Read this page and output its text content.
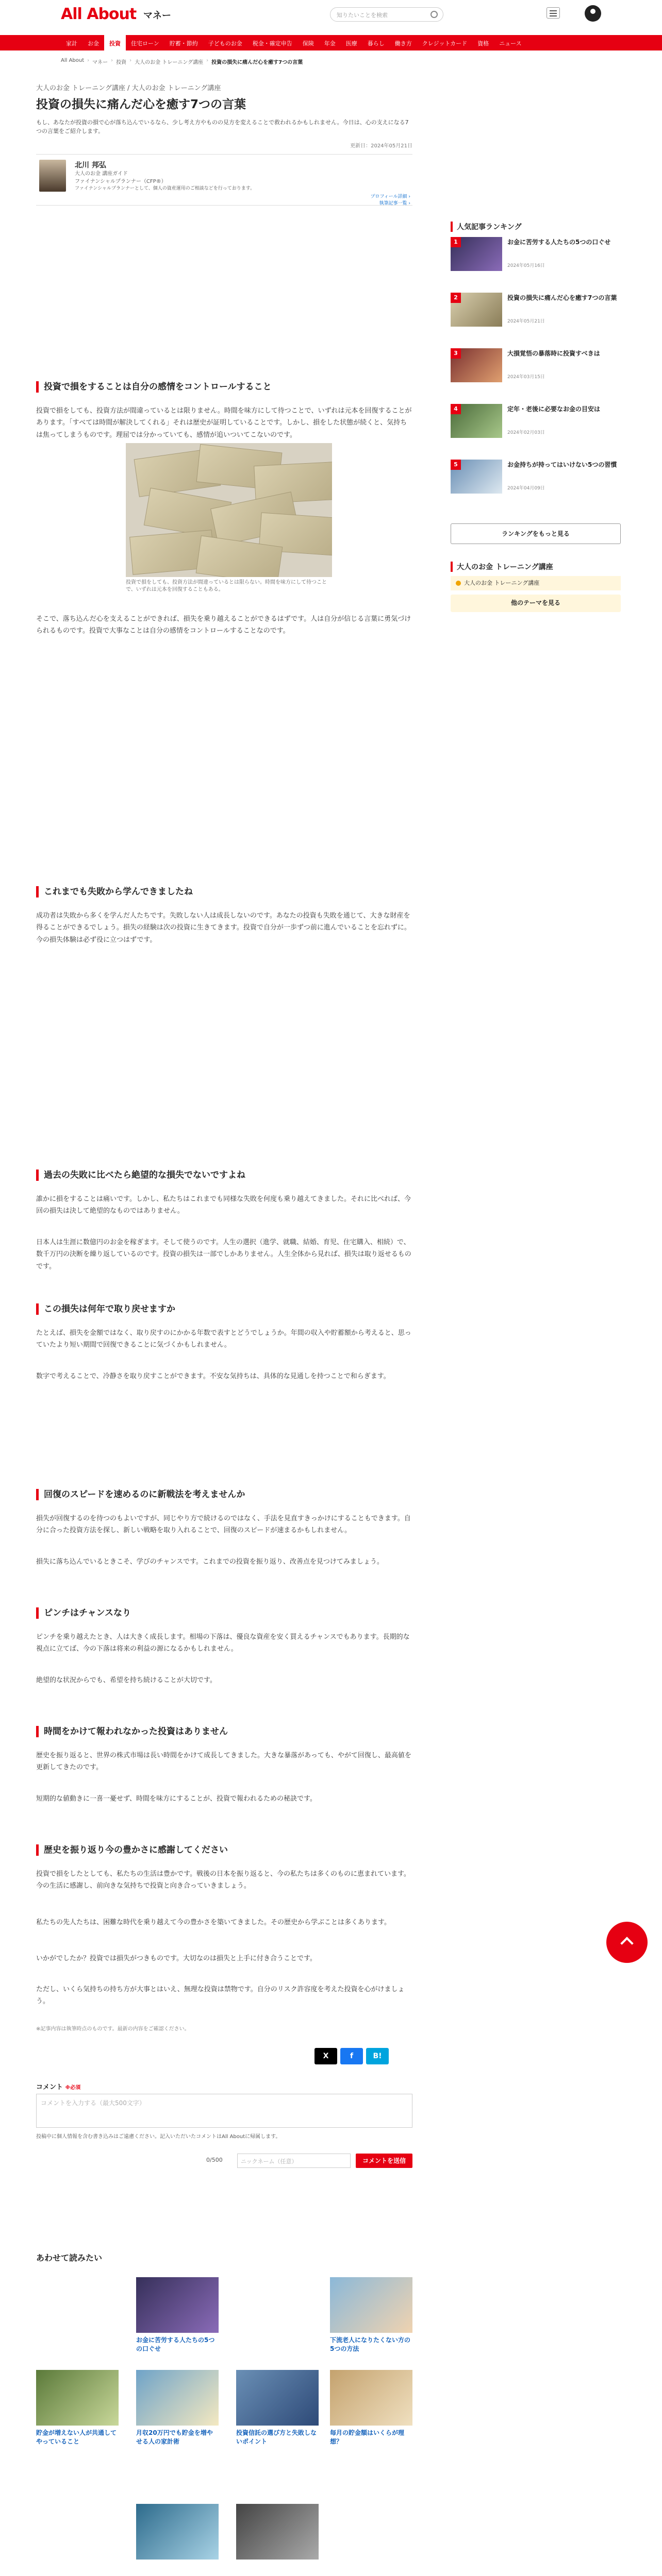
All About マネー	知りたいことを検索
家計	お金	投資	住宅ローン	貯蓄・節約	子どものお金	税金・確定申告	保険	年金	医療	暮らし	働き方	クレジットカード	資格	ニュース
All About › マネー › 投資 › 大人のお金 トレーニング講座 › 投資の損失に痛んだ心を癒す7つの言葉
大人のお金 トレーニング講座 / 大人のお金 トレーニング講座
投資の損失に痛んだ心を癒す7つの言葉

もし、あなたが投資の損で心が落ち込んでいるなら、少し考え方やものの見方を変えることで救われるかもしれません。今日は、心の支えになる7つの言葉をご紹介します。

更新日：2024年05月21日
北川 邦弘
大人のお金 講座ガイド
ファイナンシャルプランナー（CFP®）
ファイナンシャルプランナーとして、個人の資産運用のご相談などを行っております。
プロフィール詳細 ›
執筆記事一覧 ›
投資で損をすることは自分の感情をコントロールすること

投資で損をしても、投資方法が間違っているとは限りません。時間を味方にして待つことで、いずれは元本を回復することがあります。「すべては時間が解決してくれる」それは歴史が証明していることです。しかし、損をした状態が続くと、気持ちは焦ってしまうものです。理屈では分かっていても、感情が追いついてこないのです。

投資で損をしても、投資方法が間違っているとは限らない。時間を味方にして待つことで、いずれは元本を回復することもある。

そこで、落ち込んだ心を支えることができれば、損失を乗り越えることができるはずです。人は自分が信じる言葉に勇気づけられるものです。投資で大事なことは自分の感情をコントロールすることなのです。

これまでも失敗から学んできましたね

成功者は失敗から多くを学んだ人たちです。失敗しない人は成長しないのです。あなたの投資も失敗を通じて、大きな財産を得ることができるでしょう。損失の経験は次の投資に生きてきます。投資で自分が一歩ずつ前に進んでいることを忘れずに。今の損失体験は必ず役に立つはずです。

過去の失敗に比べたら絶望的な損失でないですよね

誰かに損をすることは痛いです。しかし、私たちはこれまでも同様な失敗を何度も乗り越えてきました。それに比べれば、今回の損失は決して絶望的なものではありません。

日本人は生涯に数億円のお金を稼ぎます。そして使うのです。人生の選択（進学、就職、結婚、育児、住宅購入、相続）で、数千万円の決断を繰り返しているのです。投資の損失は一部でしかありません。人生全体から見れば、損失は取り返せるものです。

この損失は何年で取り戻せますか

たとえば、損失を金額ではなく、取り戻すのにかかる年数で表すとどうでしょうか。年間の収入や貯蓄額から考えると、思っていたより短い期間で回復できることに気づくかもしれません。

数字で考えることで、冷静さを取り戻すことができます。不安な気持ちは、具体的な見通しを持つことで和らぎます。

回復のスピードを速めるのに新戦法を考えませんか

損失が回復するのを待つのもよいですが、同じやり方で続けるのではなく、手法を見直すきっかけにすることもできます。自分に合った投資方法を探し、新しい戦略を取り入れることで、回復のスピードが速まるかもしれません。

損失に落ち込んでいるときこそ、学びのチャンスです。これまでの投資を振り返り、改善点を見つけてみましょう。

ピンチはチャンスなり

ピンチを乗り越えたとき、人は大きく成長します。相場の下落は、優良な資産を安く買えるチャンスでもあります。長期的な視点に立てば、今の下落は将来の利益の源になるかもしれません。

絶望的な状況からでも、希望を持ち続けることが大切です。

時間をかけて報われなかった投資はありません

歴史を振り返ると、世界の株式市場は長い時間をかけて成長してきました。大きな暴落があっても、やがて回復し、最高値を更新してきたのです。

短期的な値動きに一喜一憂せず、時間を味方にすることが、投資で報われるための秘訣です。

歴史を振り返り今の豊かさに感謝してください

投資で損をしたとしても、私たちの生活は豊かです。戦後の日本を振り返ると、今の私たちは多くのものに恵まれています。今の生活に感謝し、前向きな気持ちで投資と向き合っていきましょう。

私たちの先人たちは、困難な時代を乗り越えて今の豊かさを築いてきました。その歴史から学ぶことは多くあります。

いかがでしたか？投資では損失がつきものです。大切なのは損失と上手に付き合うことです。

ただし、いくら気持ちの持ち方が大事とはいえ、無理な投資は禁物です。自分のリスク許容度を考えた投資を心がけましょう。

※記事内容は執筆時点のものです。最新の内容をご確認ください。

X	f	B!
コメント ※必須
コメントを入力する（最大500文字）
投稿中に個人情報を含む書き込みはご遠慮ください。記入いただいたコメントはAll Aboutに帰属します。
0/500	ニックネーム（任意）	コメントを送信
あわせて読みたい
お金に苦労する人たちの5つの口ぐせ
下流老人になりたくない方の5つの方法
貯金が増えない人が共通してやっていること
月収20万円でも貯金を増やせる人の家計術
投資信託の選び方と失敗しないポイント
毎月の貯金額はいくらが理想？
人気記事ランキング
1	お金に苦労する人たちの5つの口ぐせ
2024年05月16日
2	投資の損失に痛んだ心を癒す7つの言葉
2024年05月21日
3	大損覚悟の暴落時に投資すべきは
2024年03月15日
4	定年・老後に必要なお金の目安は
2024年02月03日
5	お金持ちが持ってはいけない5つの習慣
2024年04月09日
ランキングをもっと見る
大人のお金 トレーニング講座
大人のお金 トレーニング講座
他のテーマを見る
